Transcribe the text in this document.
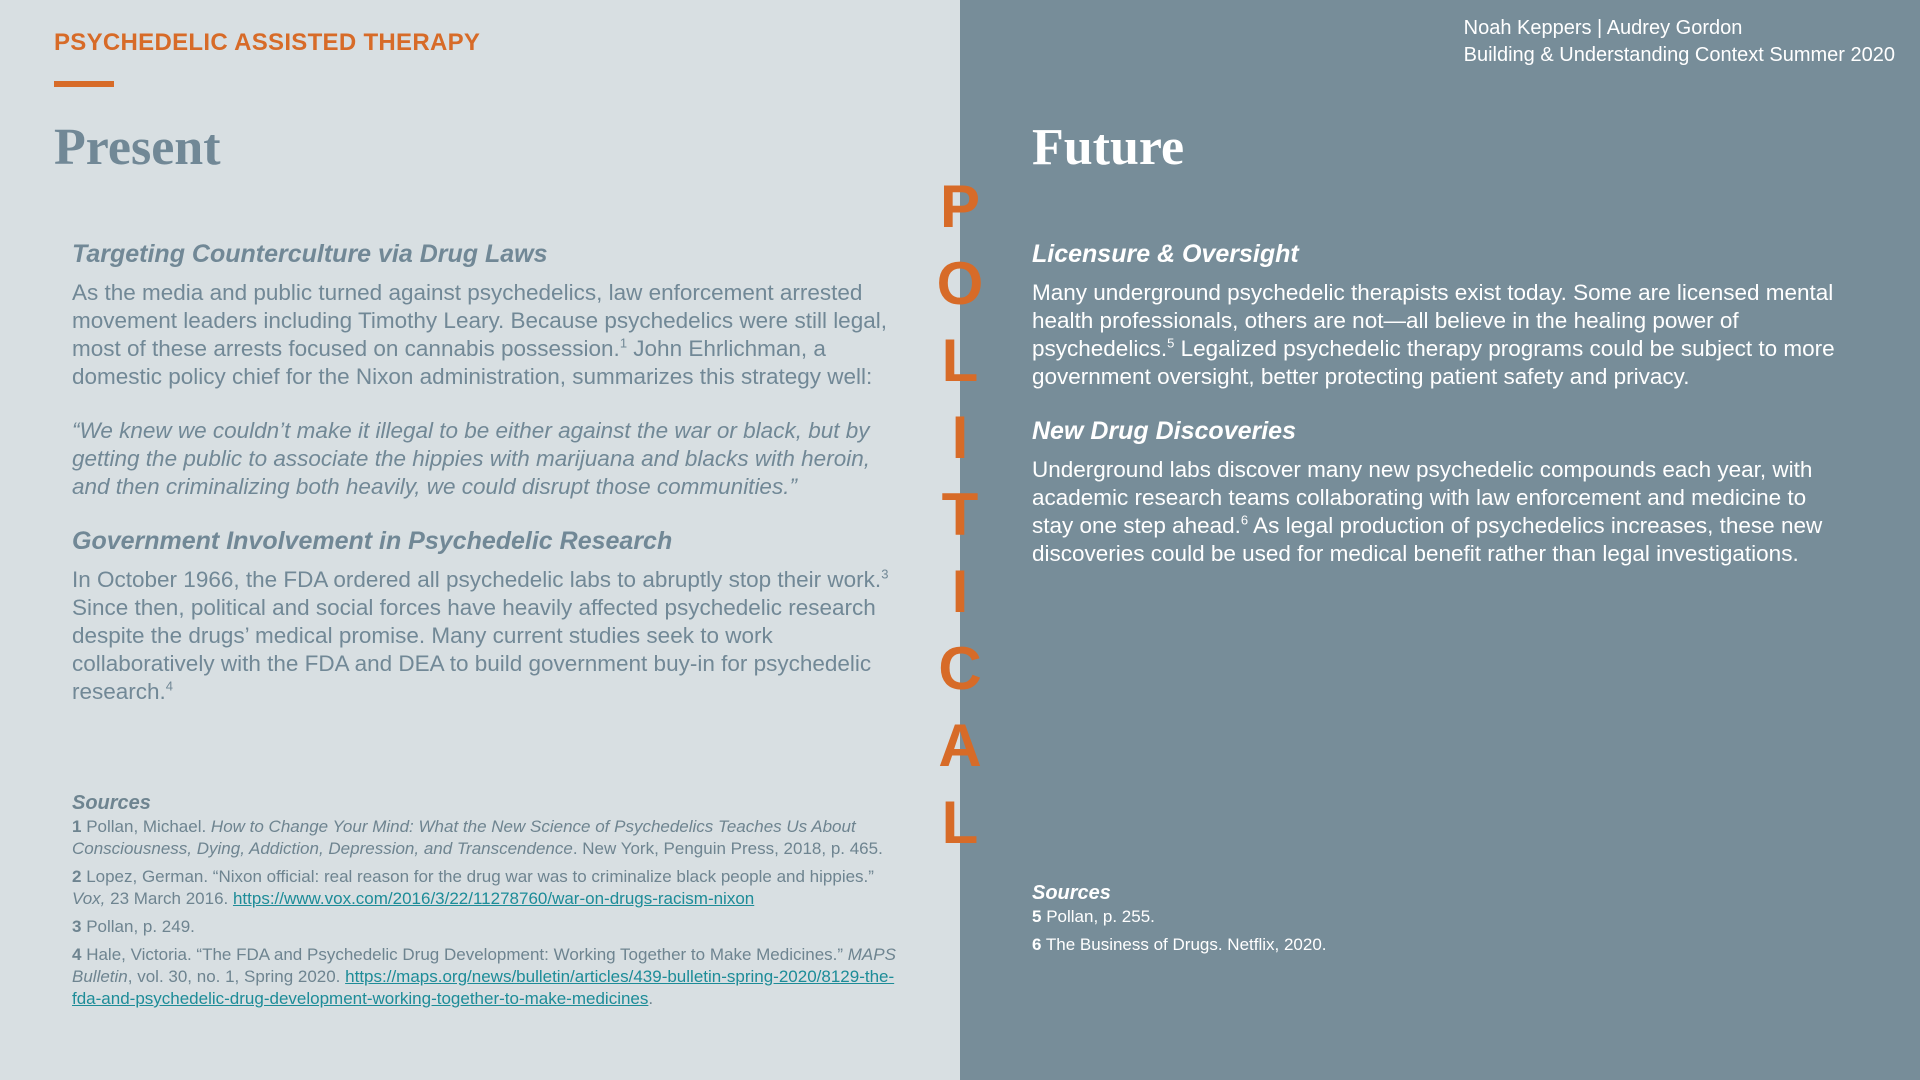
PSYCHEDELIC ASSISTED THERAPY
Present	Future
Noah Keppers | Audrey Gordon
Building & Understanding Context Summer 2020
P
O
L
I
T
I
C
A
L
Targeting Counterculture via Drug Laws

As the media and public turned against psychedelics, law enforcement arrested movement leaders including Timothy Leary. Because psychedelics were still legal, most of these arrests focused on cannabis possession.$^1$ John Ehrlichman, a domestic policy chief for the Nixon administration, summarizes this strategy well:

“We knew we couldn’t make it illegal to be either against the war or black, but by getting the public to associate the hippies with marijuana and blacks with heroin, and then criminalizing both heavily, we could disrupt those communities.”

Government Involvement in Psychedelic Research

In October 1966, the FDA ordered all psychedelic labs to abruptly stop their work.$^3$ Since then, political and social forces have heavily affected psychedelic research despite the drugs’ medical promise. Many current studies seek to work collaboratively with the FDA and DEA to build government buy-in for psychedelic research.$^4$

Sources
1 Pollan, Michael. How to Change Your Mind: What the New Science of Psychedelics Teaches Us About Consciousness, Dying, Addiction, Depression, and Transcendence. New York, Penguin Press, 2018, p. 465.
2 Lopez, German. “Nixon official: real reason for the drug war was to criminalize black people and hippies.” Vox, 23 March 2016. https://www.vox.com/2016/3/22/11278760/war-on-drugs-racism-nixon
3 Pollan, p. 249.
4 Hale, Victoria. “The FDA and Psychedelic Drug Development: Working Together to Make Medicines.” MAPS Bulletin, vol. 30, no. 1, Spring 2020. https://maps.org/news/bulletin/articles/439-bulletin-spring-2020/8129-the-fda-and-psychedelic-drug-development-working-together-to-make-medicines.
Licensure & Oversight

Many underground psychedelic therapists exist today. Some are licensed mental health professionals, others are not—all believe in the healing power of psychedelics.$^5$ Legalized psychedelic therapy programs could be subject to more government oversight, better protecting patient safety and privacy.

New Drug Discoveries

Underground labs discover many new psychedelic compounds each year, with academic research teams collaborating with law enforcement and medicine to stay one step ahead.$^6$ As legal production of psychedelics increases, these new discoveries could be used for medical benefit rather than legal investigations.

Sources
5 Pollan, p. 255.
6 The Business of Drugs. Netflix, 2020.
